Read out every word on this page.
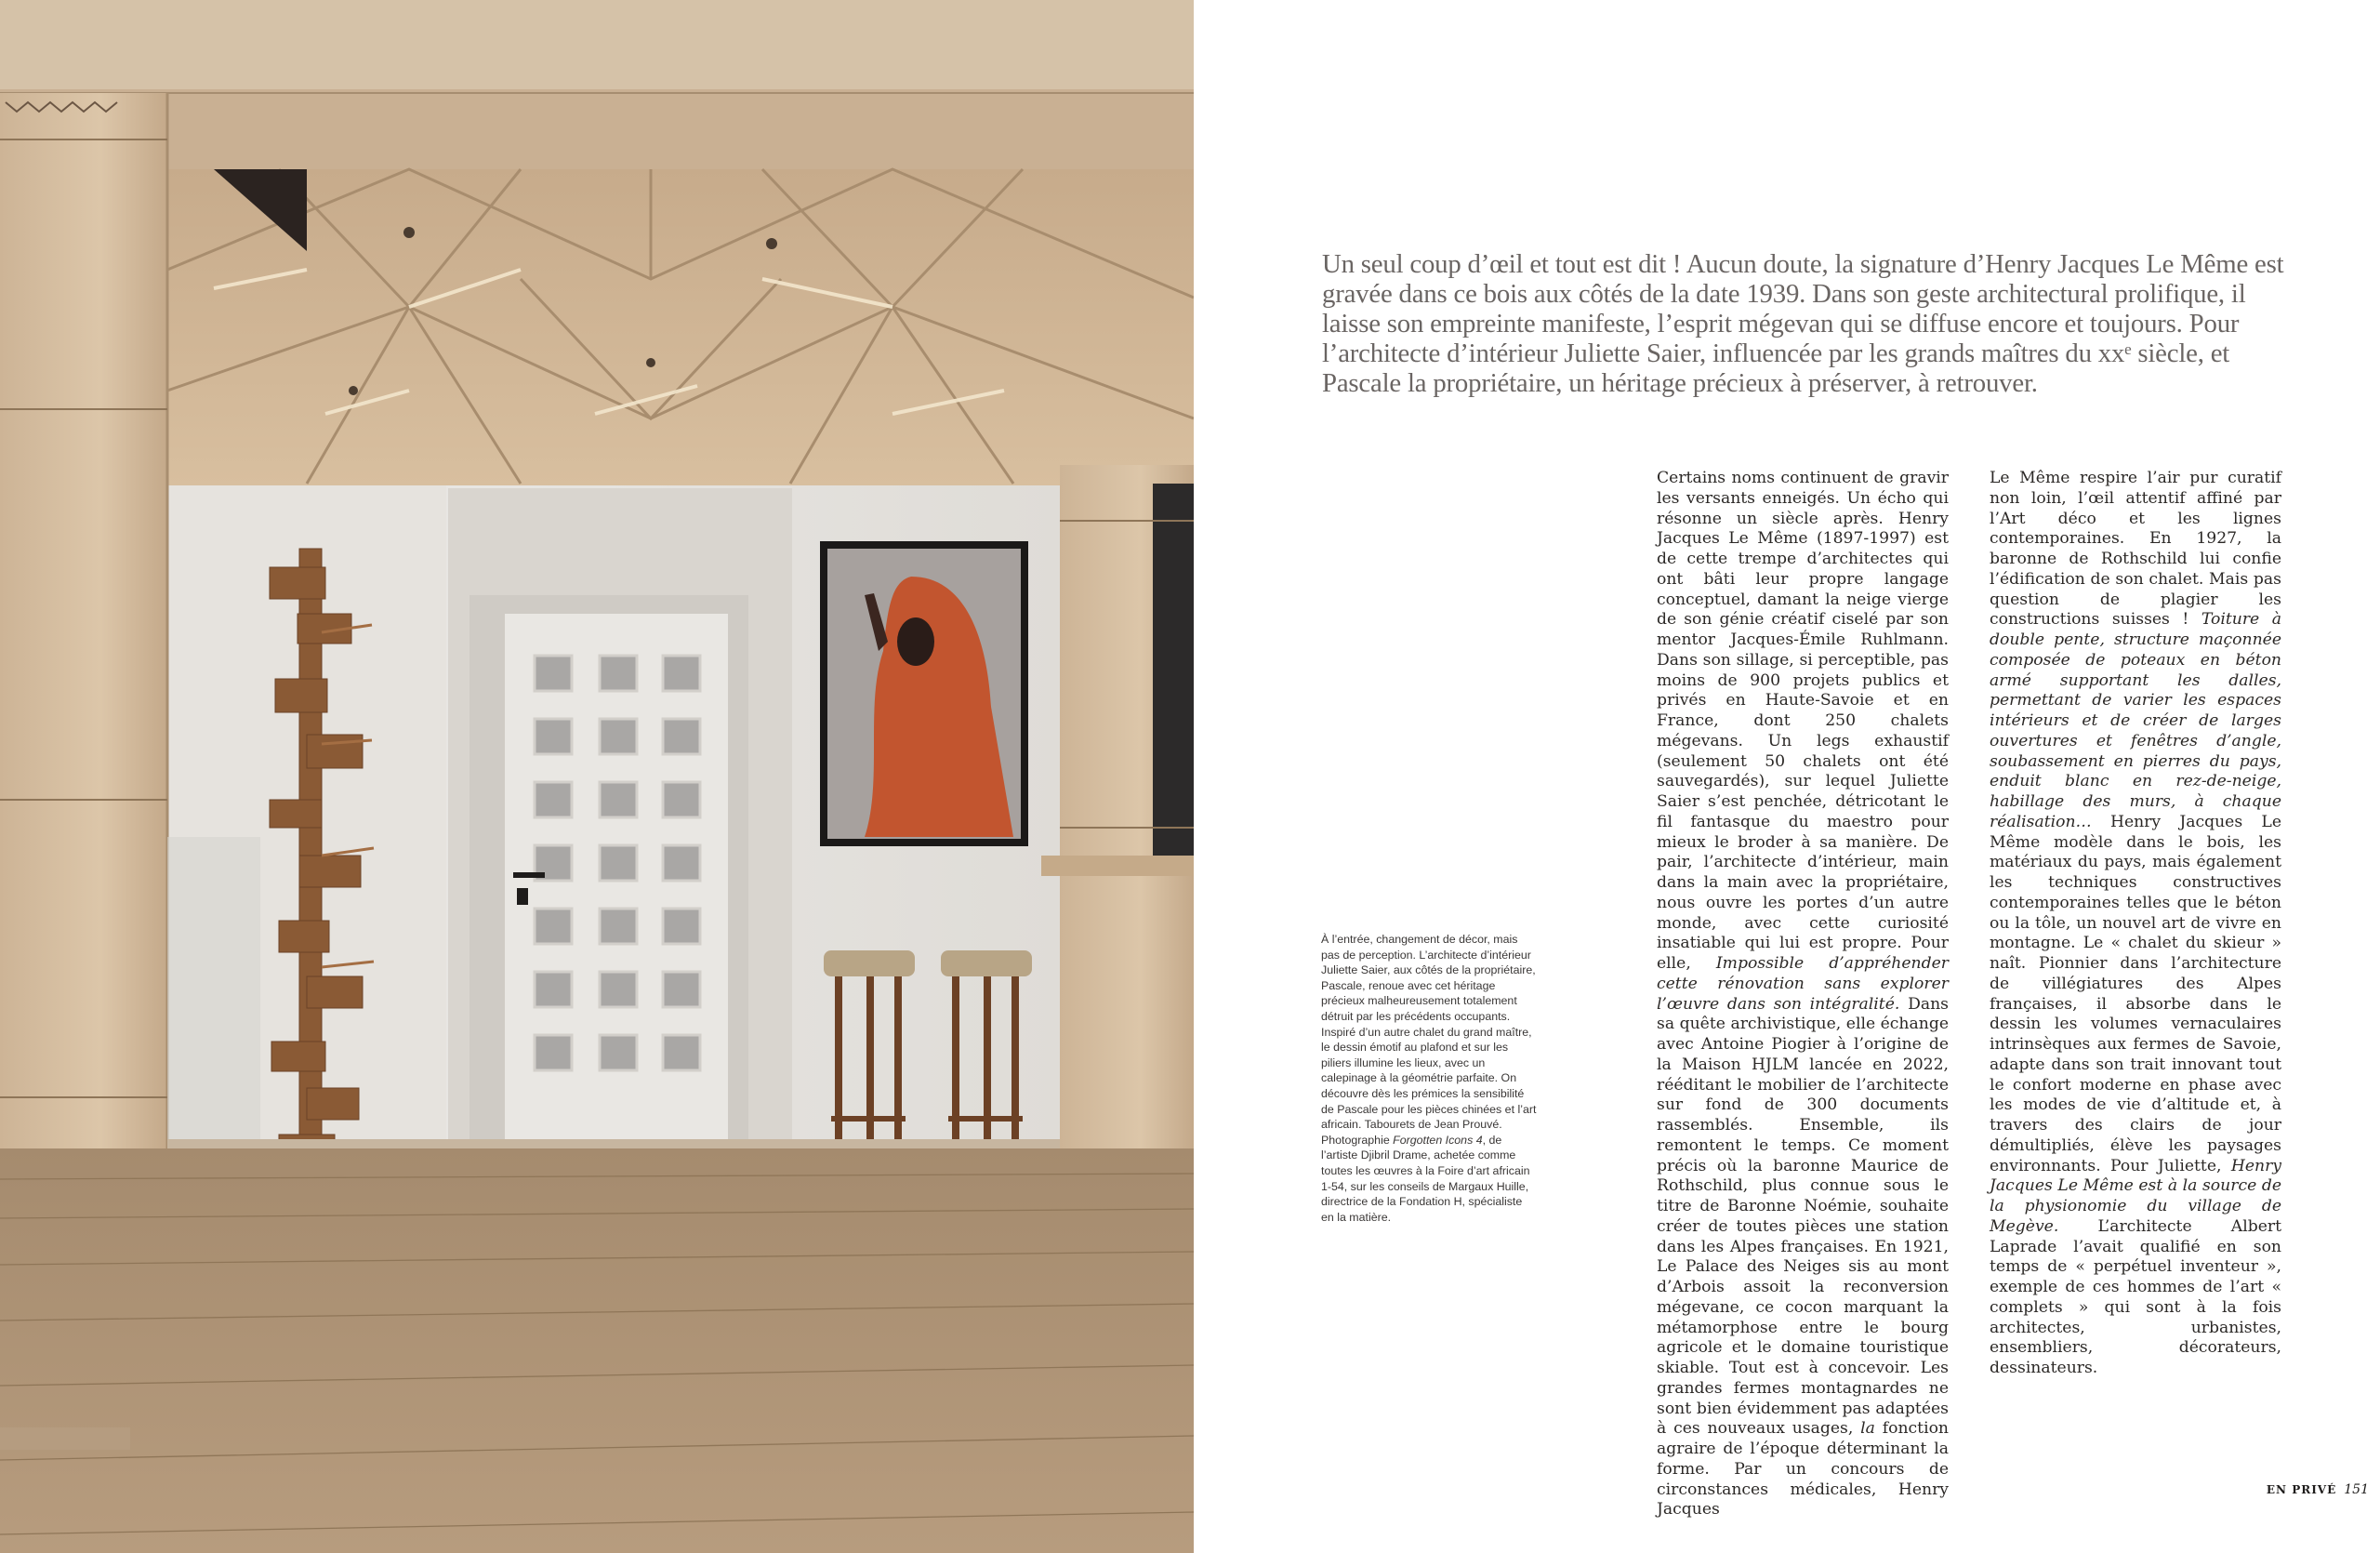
Un seul coup d’œil et tout est dit ! Aucun doute, la signature d’Henry Jacques Le Même est gravée dans ce bois aux côtés de la date 1939. Dans son geste architectural prolifique, il laisse son empreinte manifeste, l’esprit mégevan qui se diffuse encore et toujours. Pour l’architecte d’intérieur Juliette Saier, influencée par les grands maîtres du xxᵉ siècle, et Pascale la propriétaire, un héritage précieux à préserver, à retrouver.
À l’entrée, changement de décor, mais pas de perception. L’architecte d’intérieur Juliette Saier, aux côtés de la propriétaire, Pascale, renoue avec cet héritage précieux malheureusement totalement détruit par les précédents occupants. Inspiré d’un autre chalet du grand maître, le dessin émotif au plafond et sur les piliers illumine les lieux, avec un calepinage à la géométrie parfaite. On découvre dès les prémices la sensibilité de Pascale pour les pièces chinées et l’art africain. Tabourets de Jean Prouvé. Photographie Forgotten Icons 4, de l’artiste Djibril Drame, achetée comme toutes les œuvres à la Foire d’art africain 1-54, sur les conseils de Margaux Huille, directrice de la Fondation H, spécialiste en la matière.

Certains noms continuent de gravir les versants enneigés. Un écho qui résonne un siècle après. Henry Jacques Le Même (1897-1997) est de cette trempe d’architectes qui ont bâti leur propre langage conceptuel, damant la neige vierge de son génie créatif ciselé par son mentor Jacques-Émile Ruhlmann. Dans son sillage, si perceptible, pas moins de 900 projets publics et privés en Haute-Savoie et en France, dont 250 chalets mégevans. Un legs exhaustif (seulement 50 chalets ont été sauvegardés), sur lequel Juliette Saier s’est penchée, détricotant le fil fantasque du maestro pour mieux le broder à sa manière. De pair, l’architecte d’intérieur, main dans la main avec la propriétaire, nous ouvre les portes d’un autre monde, avec cette curiosité insatiable qui lui est propre. Pour elle, Impossible d’appréhender cette rénovation sans explorer l’œuvre dans son intégralité. Dans sa quête archivistique, elle échange avec Antoine Piogier à l’origine de la Maison HJLM lancée en 2022, rééditant le mobilier de l’architecte sur fond de 300 documents rassemblés. Ensemble, ils remontent le temps. Ce moment précis où la baronne Maurice de Rothschild, plus connue sous le titre de Baronne Noémie, souhaite créer de toutes pièces une station dans les Alpes françaises. En 1921, Le Palace des Neiges sis au mont d’Arbois assoit la reconversion mégevane, ce cocon marquant la métamorphose entre le bourg agricole et le domaine touristique skiable. Tout est à concevoir. Les grandes fermes montagnardes ne sont bien évidemment pas adaptées à ces nouveaux usages, la fonction agraire de l’époque déterminant la forme. Par un concours de circonstances médicales, Henry Jacques

Le Même respire l’air pur curatif non loin, l’œil attentif affiné par l’Art déco et les lignes contemporaines. En 1927, la baronne de Rothschild lui confie l’édification de son chalet. Mais pas question de plagier les constructions suisses ! Toiture à double pente, structure maçonnée composée de poteaux en béton armé supportant les dalles, permettant de varier les espaces intérieurs et de créer de larges ouvertures et fenêtres d’angle, soubassement en pierres du pays, enduit blanc en rez-de-neige, habillage des murs, à chaque réalisation… Henry Jacques Le Même modèle dans le bois, les matériaux du pays, mais également les techniques constructives contemporaines telles que le béton ou la tôle, un nouvel art de vivre en montagne. Le « chalet du skieur » naît. Pionnier dans l’architecture de villégiatures des Alpes françaises, il absorbe dans le dessin les volumes vernaculaires intrinsèques aux fermes de Savoie, adapte dans son trait innovant tout le confort moderne en phase avec les modes de vie d’altitude et, à travers des clairs de jour démultipliés, élève les paysages environnants. Pour Juliette, Henry Jacques Le Même est à la source de la physionomie du village de Megève. L’architecte Albert Laprade l’avait qualifié en son temps de « perpétuel inventeur », exemple de ces hommes de l’art « complets » qui sont à la fois architectes, urbanistes, ensembliers, décorateurs, dessinateurs.

EN PRIVÉ 151
